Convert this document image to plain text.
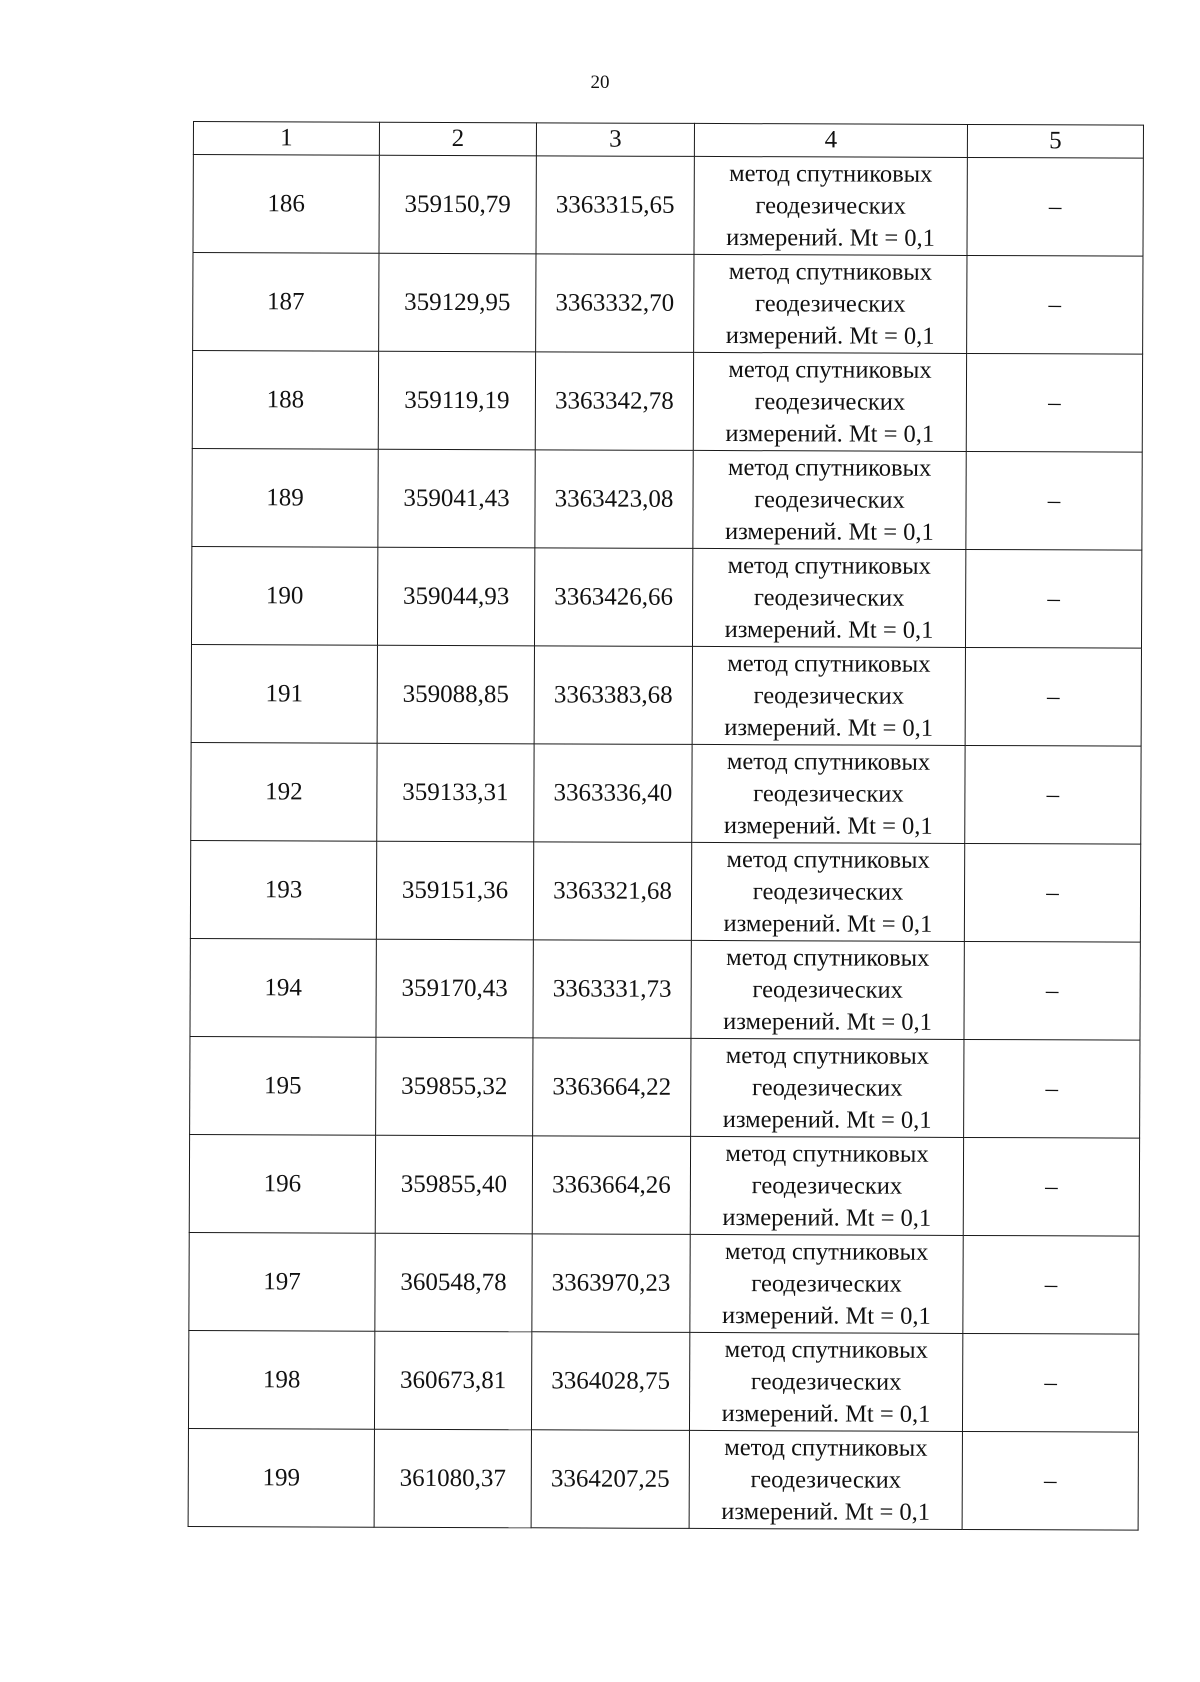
20
1	2	3	4	5
186	359150,79	3363315,65	метод спутниковых
геодезических
измерений. Mt = 0,1	–
187	359129,95	3363332,70	метод спутниковых
геодезических
измерений. Mt = 0,1	–
188	359119,19	3363342,78	метод спутниковых
геодезических
измерений. Mt = 0,1	–
189	359041,43	3363423,08	метод спутниковых
геодезических
измерений. Mt = 0,1	–
190	359044,93	3363426,66	метод спутниковых
геодезических
измерений. Mt = 0,1	–
191	359088,85	3363383,68	метод спутниковых
геодезических
измерений. Mt = 0,1	–
192	359133,31	3363336,40	метод спутниковых
геодезических
измерений. Mt = 0,1	–
193	359151,36	3363321,68	метод спутниковых
геодезических
измерений. Mt = 0,1	–
194	359170,43	3363331,73	метод спутниковых
геодезических
измерений. Mt = 0,1	–
195	359855,32	3363664,22	метод спутниковых
геодезических
измерений. Mt = 0,1	–
196	359855,40	3363664,26	метод спутниковых
геодезических
измерений. Mt = 0,1	–
197	360548,78	3363970,23	метод спутниковых
геодезических
измерений. Mt = 0,1	–
198	360673,81	3364028,75	метод спутниковых
геодезических
измерений. Mt = 0,1	–
199	361080,37	3364207,25	метод спутниковых
геодезических
измерений. Mt = 0,1	–
